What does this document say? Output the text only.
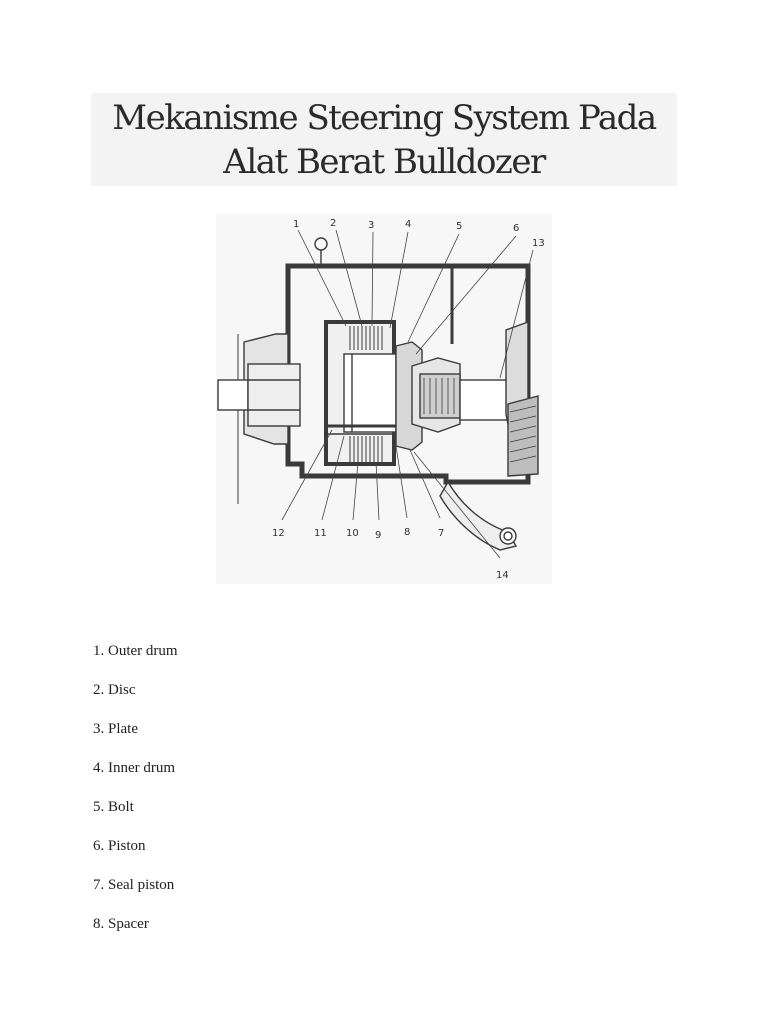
Mekanisme Steering System Pada Alat Berat Bulldozer
1	2	3	4	5	6
13
12	11 10 9 8	7
14
1. Outer drum
2. Disc
3. Plate
4. Inner drum
5. Bolt
6. Piston
7. Seal piston
8. Spacer
